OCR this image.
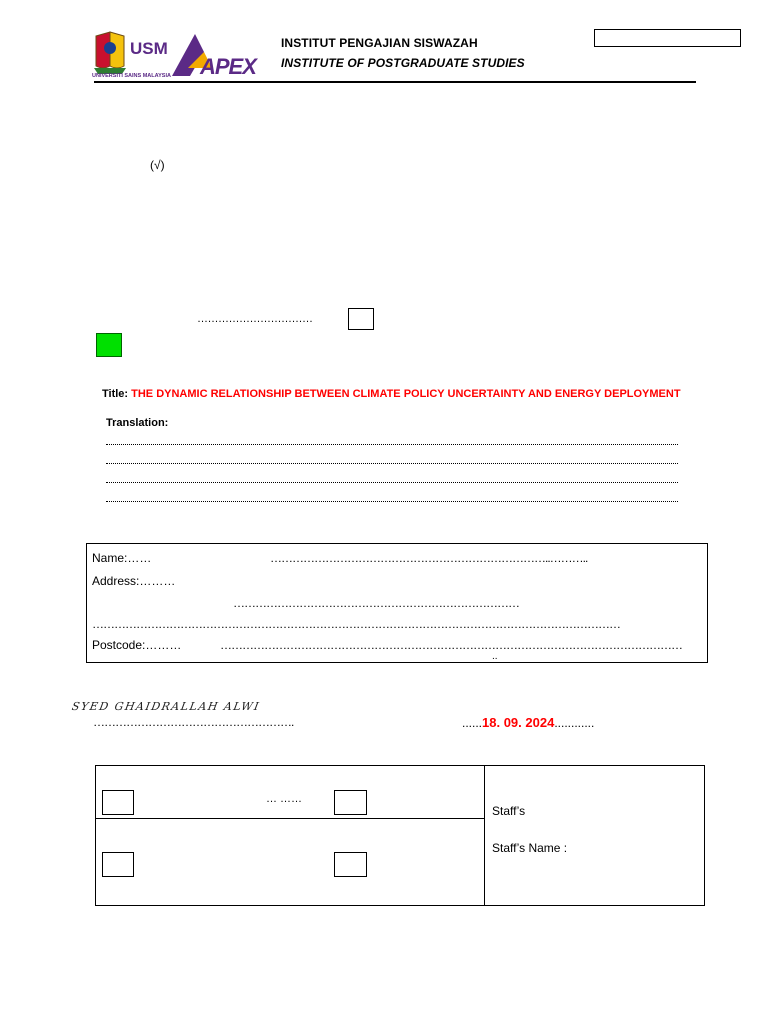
USM
UNIVERSITI SAINS MALAYSIA APEX
INSTITUT PENGAJIAN SISWAZAH
INSTITUTE OF POSTGRADUATE STUDIES
(√)
……………………………
Title: THE DYNAMIC RELATIONSHIP BETWEEN CLIMATE POLICY UNCERTAINTY AND ENERGY DEPLOYMENT
Translation:
Name:……	…………………………………………………………………..………..
Address:………
……………………………………………………………………
………………………………………………………………………………………………………………………………
Postcode:………	………………………………………………………………………………………………………………
..
SYED GHAIDRALLAH ALWI
……………………………………………….	......18. 09. 2024............
… ……
Staff’s
Staff’s Name :
